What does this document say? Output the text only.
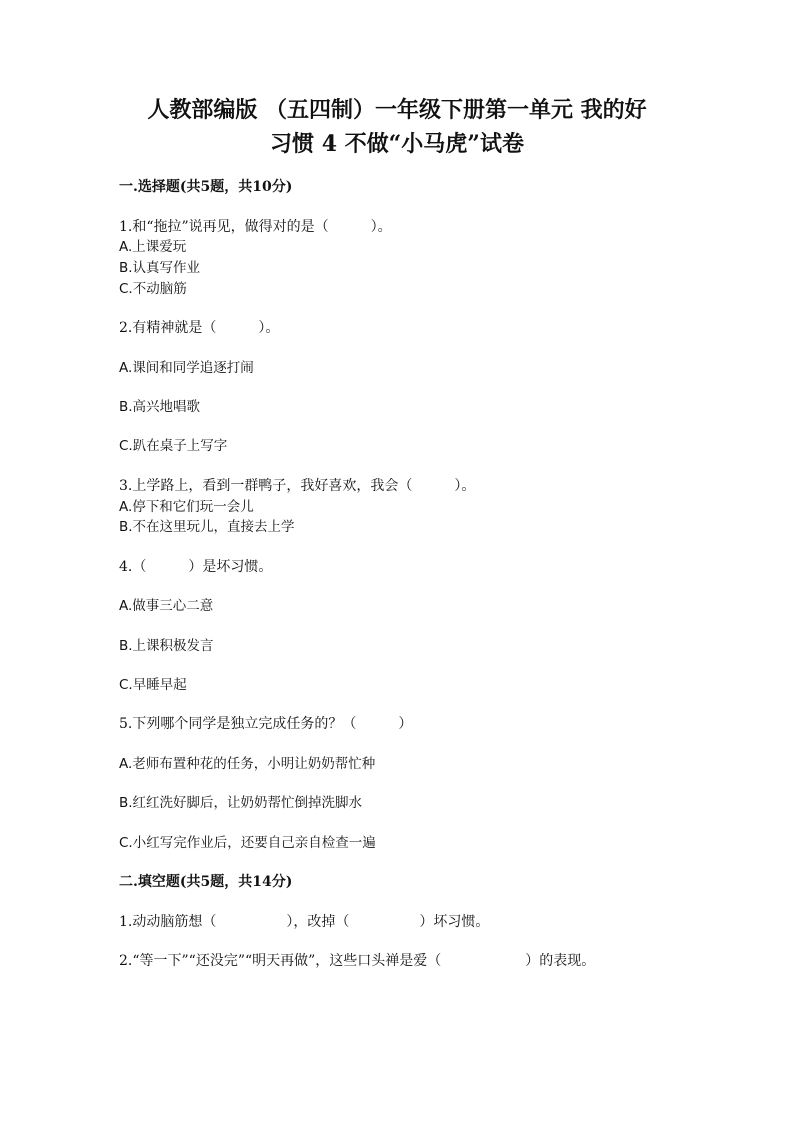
人教部编版 （五四制）一年级下册第一单元 我的好
习惯 4 不做“小马虎”试卷
一.选择题(共5题，共10分)
1.和“拖拉”说再见，做得对的是（　　　）。
A.上课爱玩
B.认真写作业
C.不动脑筋
2.有精神就是（　　　）。
A.课间和同学追逐打闹
B.高兴地唱歌
C.趴在桌子上写字
3.上学路上，看到一群鸭子，我好喜欢，我会（　　　）。
A.停下和它们玩一会儿
B.不在这里玩儿，直接去上学
4.（　　　）是坏习惯。
A.做事三心二意
B.上课积极发言
C.早睡早起
5.下列哪个同学是独立完成任务的？（　　　）
A.老师布置种花的任务，小明让奶奶帮忙种
B.红红洗好脚后，让奶奶帮忙倒掉洗脚水
C.小红写完作业后，还要自己亲自检查一遍
二.填空题(共5题，共14分)
1.动动脑筋想（　　　　　），改掉（　　　　　）坏习惯。
2.“等一下”“还没完”“明天再做”，这些口头禅是爱（　　　　　　）的表现。
